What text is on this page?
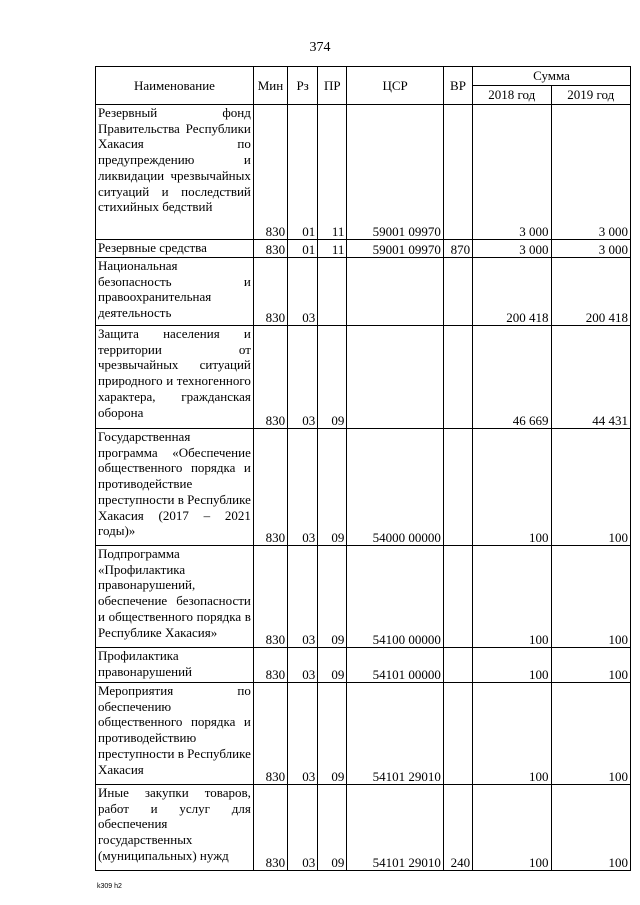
374
Наименование	Мин	Рз	ПР	ЦСР	ВР	Сумма	
						2018 год	2019 год
Резервный фонд Правительства Республики Хакасия по предупреждению и ликвидации чрезвычайных ситуаций и последствий стихийных бедствий	830	01	11	59001 09970		3 000	3 000
Резервные средства	830	01	11	59001 09970	870	3 000	3 000
Национальная безопасность и правоохранительная деятельность	830	03				200 418	200 418
Защита населения и территории от чрезвычайных ситуаций природного и техногенного характера, гражданская оборона	830	03	09			46 669	44 431
Государственная программа «Обеспечение общественного порядка и противодействие преступности в Республике Хакасия (2017 – 2021 годы)»	830	03	09	54000 00000		100	100
Подпрограмма «Профилактика правонарушений, обеспечение безопасности и общественного порядка в Республике Хакасия»	830	03	09	54100 00000		100	100
Профилактика правонарушений	830	03	09	54101 00000		100	100
Мероприятия по обеспечению общественного порядка и противодействию преступности в Республике Хакасия	830	03	09	54101 29010		100	100
Иные закупки товаров, работ и услуг для обеспечения государственных (муниципальных) нужд	830	03	09	54101 29010	240	100	100
k309 h2
